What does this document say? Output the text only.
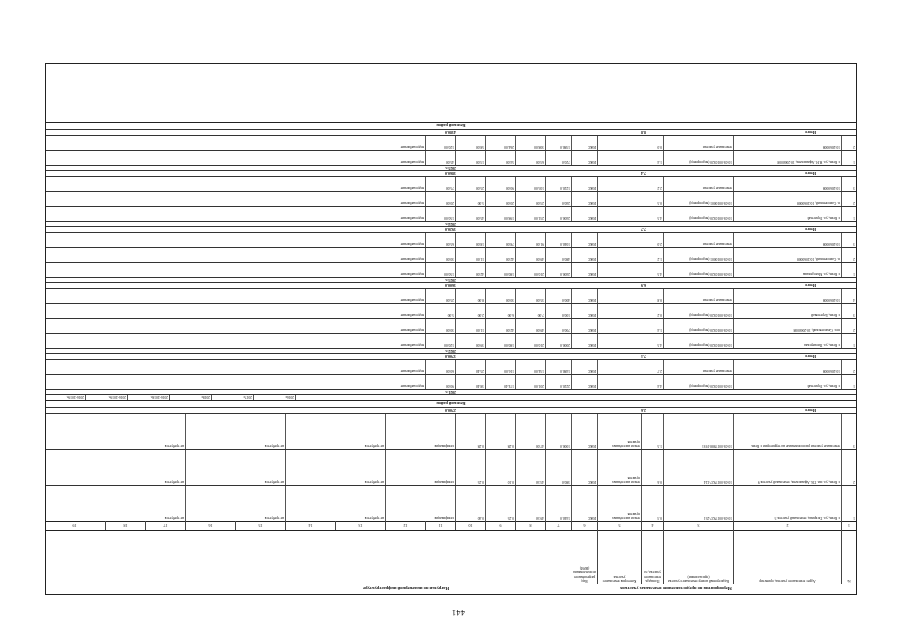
441
Нагрузки по инженерной инфраструктуре	Мероприятия по предоставлению земельных участков
№
Адрес земельного участка, ориентир
Кадастровый номер земельного участка (при наличии)
Площадь земельного участка, га
Категория земельного участка
Вид разрешённого использования (ВРИ)
1
2
3
4
5
6
7
8
9
10
11
12
13
14
15
16
17
18
19
1
г. Кемь, ул. Гагарина, земельный участок 5
10:03:0017927:251
0.3
земли населённых пунктов
ИЖС
1440.0
49.50
0.25
0.40
газификация
не требуется
не требуется
не требуется
2
г. Кемь, ул. им. Г.В. Афанасьева, земельный участок 9
10:03:0017927:124
0.6
земли населённых пунктов
ИЖС
380.0
43.50
0.10
0.25
газификация
не требуется
не требуется
не требуется
3
земельные участки расположенные на территории г. Кемь
10:03:0017888:1931
1.5
земли населённых пунктов
ИЖС
1000.0
47.00
0.28
0.28
газификация
не требуется
не требуется
не требуется
Итого
2.6
2700.0
Кемский район
2016г.
2017г.
2018г.
2016-2018г.
2016-2019г.
2016-2019г.
2021 г.
1
г. Кемь, ул. Гористый
10:03:0010320 (водопровод)
4.4
ИЖС
2220.0
201.00
174.40
38.40
90.00
водоснабжение
2
10:2060008
земельные участки
2.7
ИЖС
1480.0
134.00
116.00
25.40
60.00
водоснабжение
Итого
7.1
3700.0
2022 г.
1
г. Кемь, ул. Пионерская
10:03:0010320 (водопровод)
4.5
ИЖС
2000.0
210.00
180.00
39.00
120.00
водоснабжение
2
пос. Самолевский, 10:2060008
10:03:0010320 (водопровод)
1.4
ИЖС
700.0
49.00
42.00
11.00
30.00
водоснабжение
3
г. Кемь, Березовый
10:03:0010320 (водопровод)
0.2
ИЖС
100.0
7.00
6.00
2.00
5.00
водоснабжение
4
10:2060008
земельные участки
0.8
ИЖС
400.0
35.00
30.00
8.00
25.00
водоснабжение
Итого
6.9
3600.0
2023 г.
1
г. Кемь, ул. Молодежная
10:03:0010320 (водопровод)
4.5
ИЖС
2400.0
210.00
180.00
42.00
150.00
водоснабжение
2
п. Самолевский, 10:2060008
10:03:0010001 (водопровод)
1.2
ИЖС
480.0
49.00
42.00
11.00
30.00
водоснабжение
3
10:2060008
земельные участки
2.0
ИЖС
1040.0
91.00
78.00
18.00
65.00
водоснабжение
Итого
7.7
3920.0
2024 г.
1
г. Кемь, ул. Гористый
10:03:0010320 (водопровод)
4.5
ИЖС
2400.0
231.00
198.00
45.00
150.00
водоснабжение
2
п. Самолевский, 10:2060008
10:03:0010001 (водопровод)
0.5
ИЖС
240.0
23.00
20.00
5.00
20.00
водоснабжение
3
10:2060008
земельные участки
2.2
ИЖС
1220.0
105.00
90.00
25.00
75.00
водоснабжение
Итого
7.4
3860.0
2025 г.
1
г. Кемь, ул. Н.Н. Афанасьева, 10:2060008
10:03:0010320 (водопровод)
1.4
ИЖС
720.0
63.00
54.00
13.00
45.00
водоснабжение
2
10:2060008
земельные участки
0.0
ИЖС
1380.0
308.00
264.00
58.00
120.00
водоснабжение
Итого
8.8
4380.0
Кемский район
